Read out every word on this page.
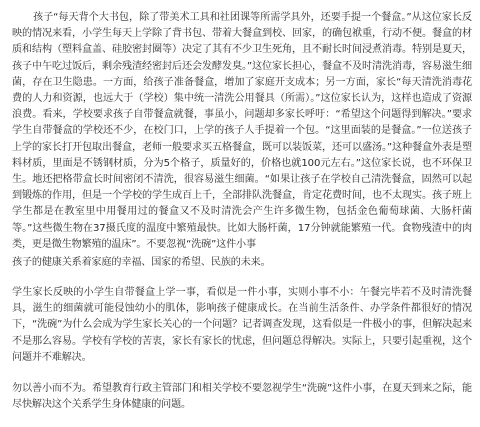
孩子“每天背个大书包，除了带美术工具和社团课等所需学具外，还要手提一个餐盒。”从这位家长反映的情况来看，小学生每天上学除了背书包、带着大餐盒到校、回家，的确包袱重，行动不便。餐盒的材质和结构（塑料盒盖、硅胶密封圈等）决定了其有不少卫生死角，且不耐长时间浸煮消毒。特别是夏天，孩子中午吃过饭后，剩余残渣经密封后还会发酵发臭。”这位家长担心，餐盒不及时清洗消毒，容易滋生细菌，存在卫生隐患。一方面，给孩子准备餐盒，增加了家庭开支成本；另一方面，家长“每天清洗消毒花费的人力和资源，也远大于（学校）集中统一清洗公用餐具（所需）。”这位家长认为，这样也造成了资源浪费。看来，学校要求孩子自带餐盒就餐，事虽小，问题却多家长呼吁：“希望这个问题得到解决。”要求学生自带餐盒的学校还不少，在校门口，上学的孩子人手提着一个包。“这里面装的是餐盒。”一位送孩子上学的家长打开包取出餐盒，老师一般要求买五格餐盒，既可以装饭菜，还可以盛汤。”这种餐盒外表是塑料材质，里面是不锈钢材质，分为5个格子，质量好的，价格也就100元左右。”这位家长说，也不环保卫生。地还把格带盒长时间密闭不清洗，很容易滋生细菌。“如果让孩子在学校自己清洗餐盒，固然可以起到锻炼的作用，但是一个学校的学生成百上千，全部排队洗餐盒，肯定花费时间，也不太现实。孩子班上学生都是在教室里中用餐用过的餐盒又不及时清洗会产生许多微生物，包括金色葡萄球菌、大肠杆菌等。”这些微生物在37摄氏度的温度中繁殖最快。比如大肠杆菌，17分钟就能繁殖一代。食物残渣中的肉类，更是微生物繁殖的温床”。不要忽视“洗碗”这件小事

孩子的健康关系着家庭的幸福、国家的希望、民族的未来。

学生家长反映的小学生自带餐盒上学一事，看似是一件小事，实则小事不小：午餐完毕若不及时清洗餐具，滋生的细菌就可能侵蚀幼小的肌体，影响孩子健康成长。在当前生活条件、办学条件都很好的情况下，“洗碗”为什么会成为学生家长关心的一个问题？记者调查发现，这看似是一件极小的事，但解决起来不是那么容易。学校有学校的苦衷，家长有家长的忧虑，但问题总得解决。实际上，只要引起重视，这个问题并不难解决。

勿以善小而不为。希望教育行政主管部门和相关学校不要忽视学生“洗碗”这件小事，在夏天到来之际，能尽快解决这个关系学生身体健康的问题。
